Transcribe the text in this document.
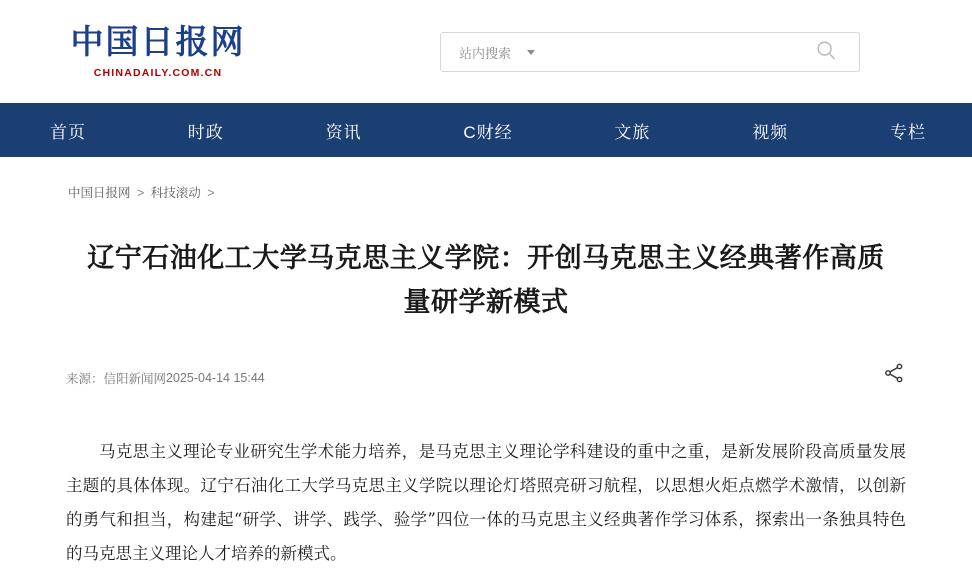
中国日报网
CHINADAILY.COM.CN
站内搜索
首页	时政	资讯	C财经	文旅	视频	专栏
中国日报网 > 科技滚动 >
辽宁石油化工大学马克思主义学院：开创马克思主义经典著作高质量研学新模式
来源： 信阳新闻网 2025-04-14 15:44

马克思主义理论专业研究生学术能力培养，是马克思主义理论学科建设的重中之重，是新发展阶段高质量发展主题的具体体现。辽宁石油化工大学马克思主义学院以理论灯塔照亮研习航程，以思想火炬点燃学术激情，以创新的勇气和担当，构建起“研学、讲学、践学、验学”四位一体的马克思主义经典著作学习体系，探索出一条独具特色的马克思主义理论人才培养的新模式。
